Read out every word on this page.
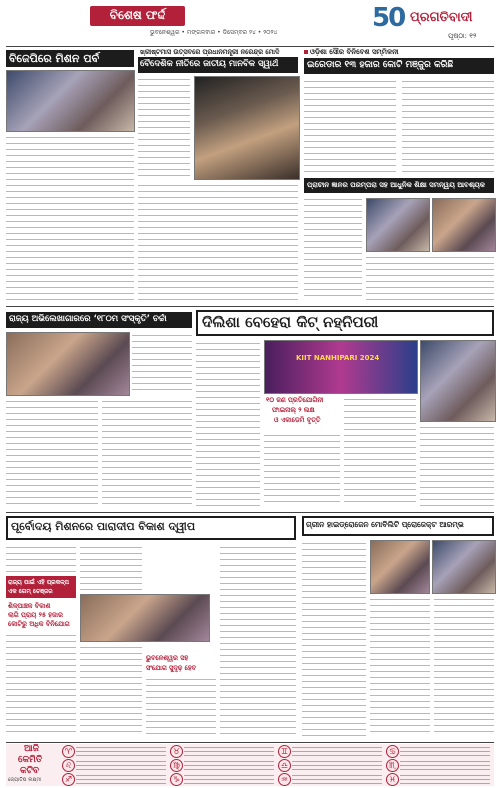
ବିଶେଷ ଫର୍ଦ୍ଦ
ଭୁବନେଶ୍ୱର • ମଙ୍ଗଳବାର • ଡିସେମ୍ବର ୨୪ • ୨୦୨୪	50 ପ୍ରଗତିବାଦୀ
ପୃଷ୍ଠା: ୧୨
ବିଜେପିରେ ମିଶନ ପର୍ବ	ଖ୍ରୀଷ୍ଟମାସ ଉତ୍ସବରେ ପ୍ରଧାନମନ୍ତ୍ରୀ ନରେନ୍ଦ୍ର ମୋଦି
ବୈଦେଶିକ ନୀତିରେ ଜାତୀୟ ମାନବିକ ସ୍ୱାର୍ଥ
ଓଡ଼ିଶା ସୌର ବିନିବେଶ ସମ୍ମିଳନୀ
ଇରେଡାର ୧୩ ହଜାର କୋଟି ମଞ୍ଜୁର କରିଛି
ପ୍ରାଚୀନ ଜ୍ଞାନର ପରମ୍ପରା ସହ ଆଧୁନିକ ଶିକ୍ଷା ସମନ୍ୱୟ ଆବଶ୍ୟକ
ରାଜ୍ୟ ଅଭିଲେଖାଗାରରେ ‘୧୮୦ମ ସଂସ୍କୃତି’ ଚର୍ଚ୍ଚା	ଦିଲିଶା ବେହେରା କିଟ୍ ନହ୍ନିପରୀ
KIIT NANHIPARI 2024
୧୦ ଜଣ ପ୍ରତିଯୋଗିନୀ
ଫାଇନାଲ୍ ୨ ଲକ୍ଷ
ଓ ଏକାଡେମି ବୃତ୍ତି
ପୂର୍ବୋଦୟ ମିଶନରେ ପାରାଦୀପ ବିକାଶ ଦ୍ୱୀପ
ରାଜ୍ୟ ପାଇଁ ଏହି ପ୍ରକଳ୍ପ ଏକ ଗେମ୍ ଚେଞ୍ଜର
ଶିଳ୍ପାଞ୍ଚଳ ବିକାଶ
ଲାଗି ପ୍ରାୟ ୨୫ ହଜାର
କୋଟିରୁ ଅଧିକ ବିନିଯୋଗ
ଭୁବନେଶ୍ୱର ସହ
ସଂଯୋଗ ସୁଦୃଢ଼ ହେବ
ଗ୍ରୀନ ହାଇଡ୍ରୋଜେନ ମୋବିଲିଟି ପ୍ରୋଜେକ୍ଟ ଆରମ୍ଭ
ଆଜି
କେମିତି
କଟିବ
ଜ୍ୟୋତିଷ ଲକ୍ଷ୍ମୀ
♈	♉	♊	♋
♌	♍	♎	♏
♐	♑	♒	♓
